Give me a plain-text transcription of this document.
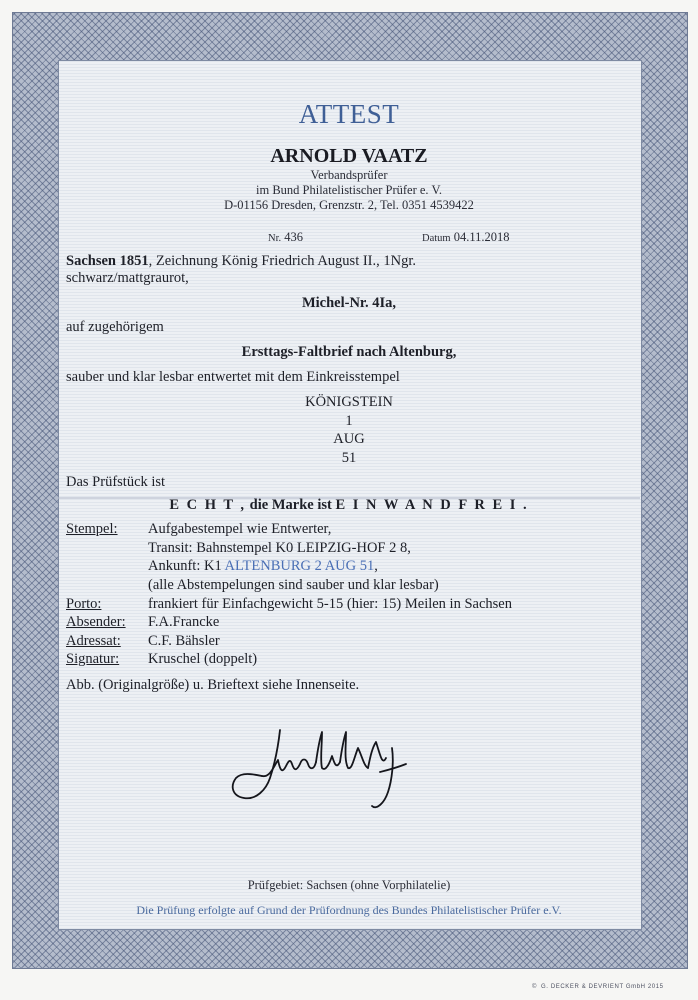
ATTEST
ARNOLD VAATZ
Verbandsprüfer
im Bund Philatelistischer Prüfer e. V.
D-01156 Dresden, Grenzstr. 2, Tel. 0351 4539422
Nr. 436	Datum 04.11.2018
Sachsen 1851, Zeichnung König Friedrich August II., 1Ngr.
schwarz/mattgraurot,
Michel-Nr. 4Ia,
auf zugehörigem
Ersttags-Faltbrief nach Altenburg,
sauber und klar lesbar entwertet mit dem Einkreisstempel
KÖNIGSTEIN
1
AUG
51
Das Prüfstück ist
E C H T , die Marke ist E I N W A N D F R E I .
Stempel: Aufgabestempel wie Entwerter,
Transit: Bahnstempel K0 LEIPZIG-HOF 2 8,
Ankunft: K1 ALTENBURG 2 AUG 51,
(alle Abstempelungen sind sauber und klar lesbar)
Porto:	frankiert für Einfachgewicht 5-15 (hier: 15) Meilen in Sachsen
Absender: F.A.Francke
Adressat: C.F. Bähsler
Signatur: Kruschel (doppelt)
Abb. (Originalgröße) u. Brieftext siehe Innenseite.
Prüfgebiet: Sachsen (ohne Vorphilatelie)
Die Prüfung erfolgte auf Grund der Prüfordnung des Bundes Philatelistischer Prüfer e.V.
© G. DECKER & DEVRIENT GmbH 2015
